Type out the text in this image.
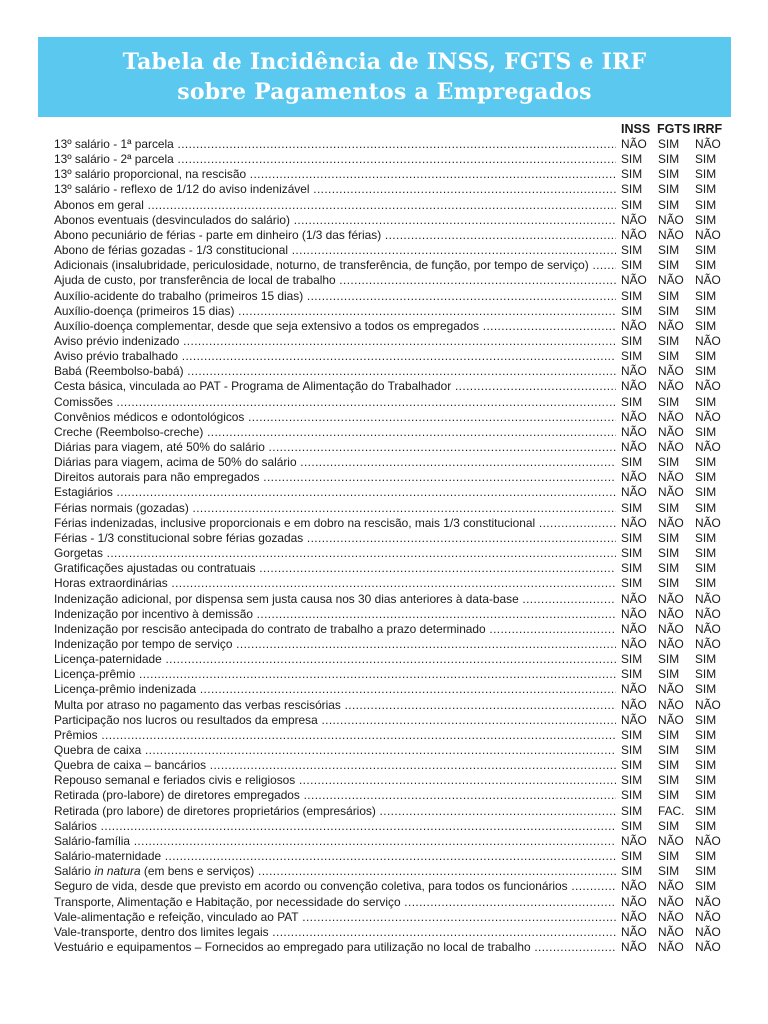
Tabela de Incidência de INSS, FGTS e IRF
sobre Pagamentos a Empregados
INSS FGTS IRRF
13º salário - 1ª parcela .....	NÃO SIM NÃO
13º salário - 2ª parcela .....	SIM SIM SIM
13º salário proporcional, na rescisão .....	SIM SIM SIM
13º salário - reflexo de 1/12 do aviso indenizável .....	SIM SIM SIM
Abonos em geral .....	SIM SIM SIM
Abonos eventuais (desvinculados do salário) .....	NÃO NÃO SIM
Abono pecuniário de férias - parte em dinheiro (1/3 das férias) .....	NÃO NÃO NÃO
Abono de férias gozadas - 1/3 constitucional .....	SIM SIM SIM
Adicionais (insalubridade, periculosidade, noturno, de transferência, de função, por tempo de serviço) .....	SIM SIM SIM
Ajuda de custo, por transferência de local de trabalho .....	NÃO NÃO NÃO
Auxílio-acidente do trabalho (primeiros 15 dias) .....	SIM SIM SIM
Auxílio-doença (primeiros 15 dias) .....	SIM SIM SIM
Auxílio-doença complementar, desde que seja extensivo a todos os empregados .....	NÃO NÃO SIM
Aviso prévio indenizado .....	SIM SIM NÃO
Aviso prévio trabalhado .....	SIM SIM SIM
Babá (Reembolso-babá) .....	NÃO NÃO SIM
Cesta básica, vinculada ao PAT - Programa de Alimentação do Trabalhador .....	NÃO NÃO NÃO
Comissões .....	SIM SIM SIM
Convênios médicos e odontológicos .....	NÃO NÃO NÃO
Creche (Reembolso-creche) .....	NÃO NÃO SIM
Diárias para viagem, até 50% do salário .....	NÃO NÃO NÃO
Diárias para viagem, acima de 50% do salário .....	SIM SIM SIM
Direitos autorais para não empregados .....	NÃO NÃO SIM
Estagiários .....	NÃO NÃO SIM
Férias normais (gozadas) .....	SIM SIM SIM
Férias indenizadas, inclusive proporcionais e em dobro na rescisão, mais 1/3 constitucional .....	NÃO NÃO NÃO
Férias - 1/3 constitucional sobre férias gozadas .....	SIM SIM SIM
Gorgetas .....	SIM SIM SIM
Gratificações ajustadas ou contratuais .....	SIM SIM SIM
Horas extraordinárias .....	SIM SIM SIM
Indenização adicional, por dispensa sem justa causa nos 30 dias anteriores à data-base .....	NÃO NÃO NÃO
Indenização por incentivo à demissão .....	NÃO NÃO NÃO
Indenização por rescisão antecipada do contrato de trabalho a prazo determinado .....	NÃO NÃO NÃO
Indenização por tempo de serviço .....	NÃO NÃO NÃO
Licença-paternidade .....	SIM SIM SIM
Licença-prêmio .....	SIM SIM SIM
Licença-prêmio indenizada .....	NÃO NÃO SIM
Multa por atraso no pagamento das verbas rescisórias .....	NÃO NÃO NÃO
Participação nos lucros ou resultados da empresa .....	NÃO NÃO SIM
Prêmios .....	SIM SIM SIM
Quebra de caixa .....	SIM SIM SIM
Quebra de caixa – bancários .....	SIM SIM SIM
Repouso semanal e feriados civis e religiosos .....	SIM SIM SIM
Retirada (pro-labore) de diretores empregados .....	SIM SIM SIM
Retirada (pro labore) de diretores proprietários (empresários) .....	SIM FAC. SIM
Salários .....	SIM SIM SIM
Salário-família .....	NÃO NÃO NÃO
Salário-maternidade .....	SIM SIM SIM
Salário in natura (em bens e serviços) .....	SIM SIM SIM
Seguro de vida, desde que previsto em acordo ou convenção coletiva, para todos os funcionários .....	NÃO NÃO SIM
Transporte, Alimentação e Habitação, por necessidade do serviço .....	NÃO NÃO NÃO
Vale-alimentação e refeição, vinculado ao PAT .....	NÃO NÃO NÃO
Vale-transporte, dentro dos limites legais .....	NÃO NÃO NÃO
Vestuário e equipamentos – Fornecidos ao empregado para utilização no local de trabalho .....	NÃO NÃO NÃO
